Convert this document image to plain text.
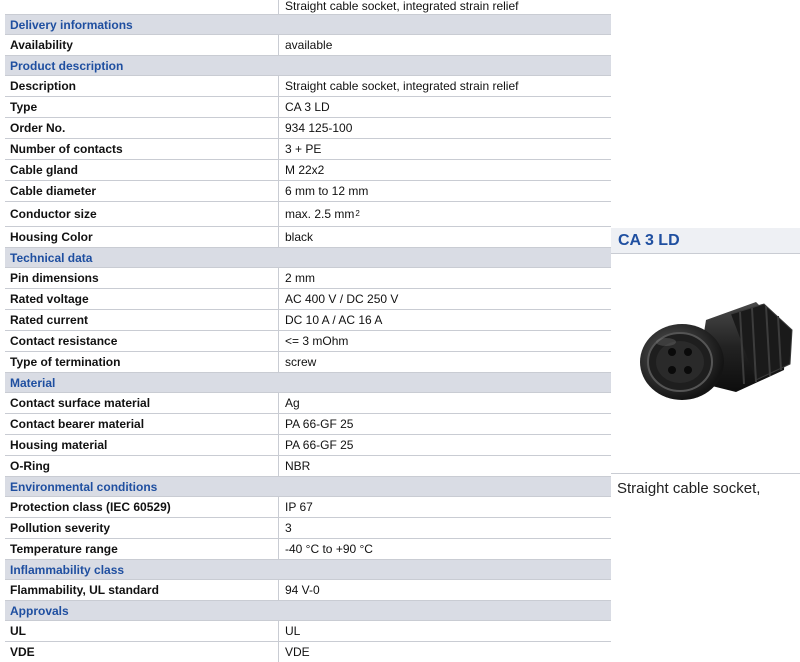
Straight cable socket, integrated strain relief
Delivery informations
Availability	available
Product description
Description	Straight cable socket, integrated strain relief
Type	CA 3 LD
Order No.	934 125-100
Number of contacts	3 + PE
Cable gland	M 22x2
Cable diameter	6 mm to 12 mm
Conductor size	max. 2.5 mm 2
Housing Color	black
Technical data
Pin dimensions	2 mm
Rated voltage	AC 400 V / DC 250 V
Rated current	DC 10 A / AC 16 A
Contact resistance	<= 3 mOhm
Type of termination	screw
Material
Contact surface material	Ag
Contact bearer material	PA 66-GF 25
Housing material	PA 66-GF 25
O-Ring	NBR
Environmental conditions
Protection class (IEC 60529)	IP 67
Pollution severity	3
Temperature range	-40 °C to +90 °C
Inflammability class
Flammability, UL standard	94 V-0
Approvals
UL	UL
VDE	VDE
CA 3 LD
Straight cable socket,
